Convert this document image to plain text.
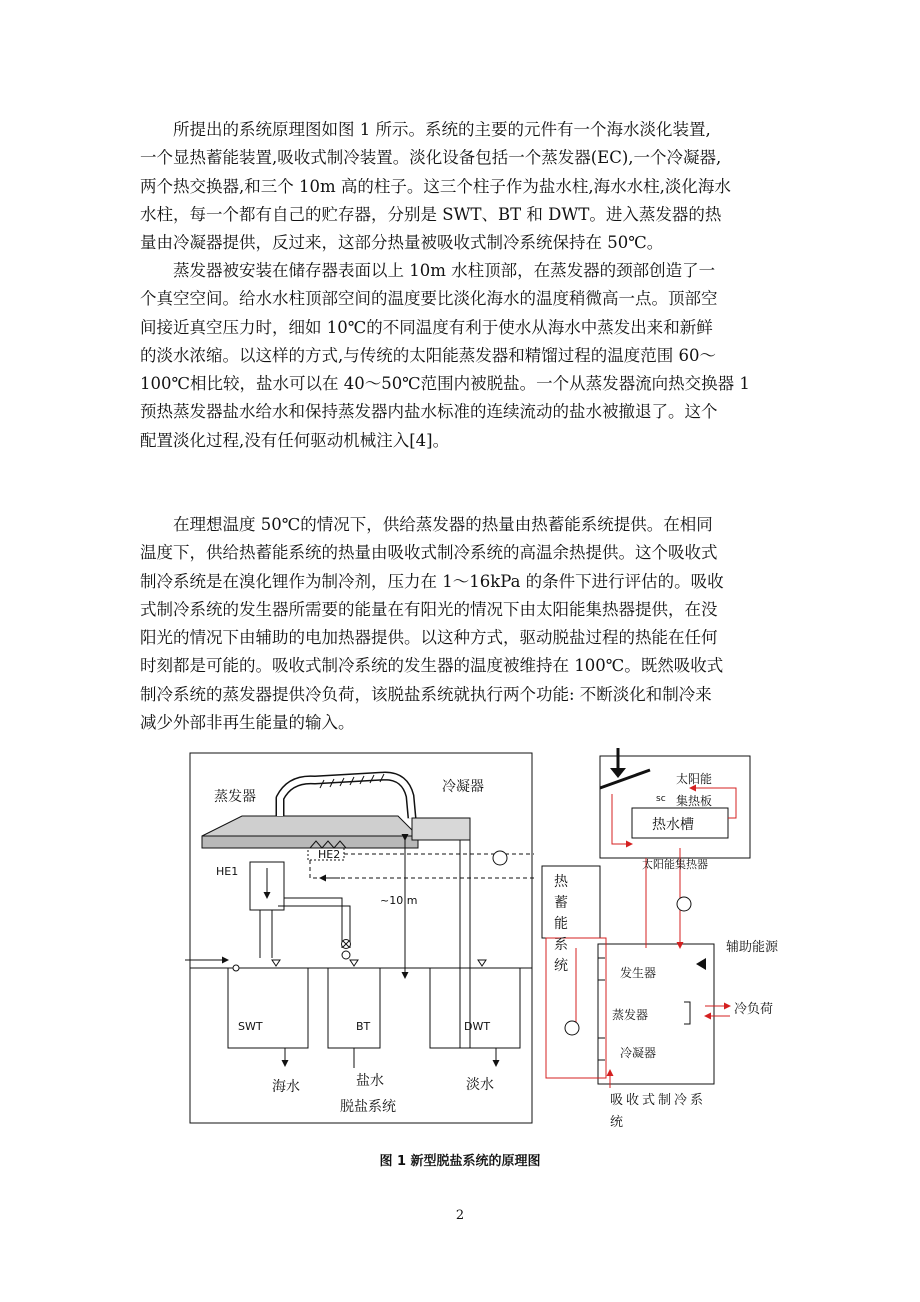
　　所提出的系统原理图如图 1 所示。系统的主要的元件有一个海水淡化装置,
一个显热蓄能装置,吸收式制冷装置。淡化设备包括一个蒸发器(EC),一个冷凝器,
两个热交换器,和三个 10m 高的柱子。这三个柱子作为盐水柱,海水水柱,淡化海水
水柱，每一个都有自己的贮存器，分别是 SWT、BT 和 DWT。进入蒸发器的热
量由冷凝器提供，反过来，这部分热量被吸收式制冷系统保持在 50℃。
　　蒸发器被安装在储存器表面以上 10m 水柱顶部，在蒸发器的颈部创造了一
个真空空间。给水水柱顶部空间的温度要比淡化海水的温度稍微高一点。顶部空
间接近真空压力时，细如 10℃的不同温度有利于使水从海水中蒸发出来和新鲜
的淡水浓缩。以这样的方式,与传统的太阳能蒸发器和精馏过程的温度范围 60～
100℃相比较，盐水可以在 40～50℃范围内被脱盐。一个从蒸发器流向热交换器 1
预热蒸发器盐水给水和保持蒸发器内盐水标准的连续流动的盐水被撤退了。这个
配置淡化过程,没有任何驱动机械注入[4]。
　　在理想温度 50℃的情况下，供给蒸发器的热量由热蓄能系统提供。在相同
温度下，供给热蓄能系统的热量由吸收式制冷系统的高温余热提供。这个吸收式
制冷系统是在溴化锂作为制冷剂，压力在 1～16kPa 的条件下进行评估的。吸收
式制冷系统的发生器所需要的能量在有阳光的情况下由太阳能集热器提供，在没
阳光的情况下由辅助的电加热器提供。以这种方式，驱动脱盐过程的热能在任何
时刻都是可能的。吸收式制冷系统的发生器的温度被维持在 100℃。既然吸收式
制冷系统的蒸发器提供冷负荷，该脱盐系统就执行两个功能: 不断淡化和制冷来
减少外部非再生能量的输入。
蒸发器
冷凝器
HE1
HE2
~10 m
SWT	BT	DWT
海水	盐水	淡水
脱盐系统
热蓄能系统
太阳能集热板
sc
热水槽
太阳能集热器
辅助能源
发生器
蒸发器	冷负荷
冷凝器
吸收式制冷系统
图 1 新型脱盐系统的原理图
2
